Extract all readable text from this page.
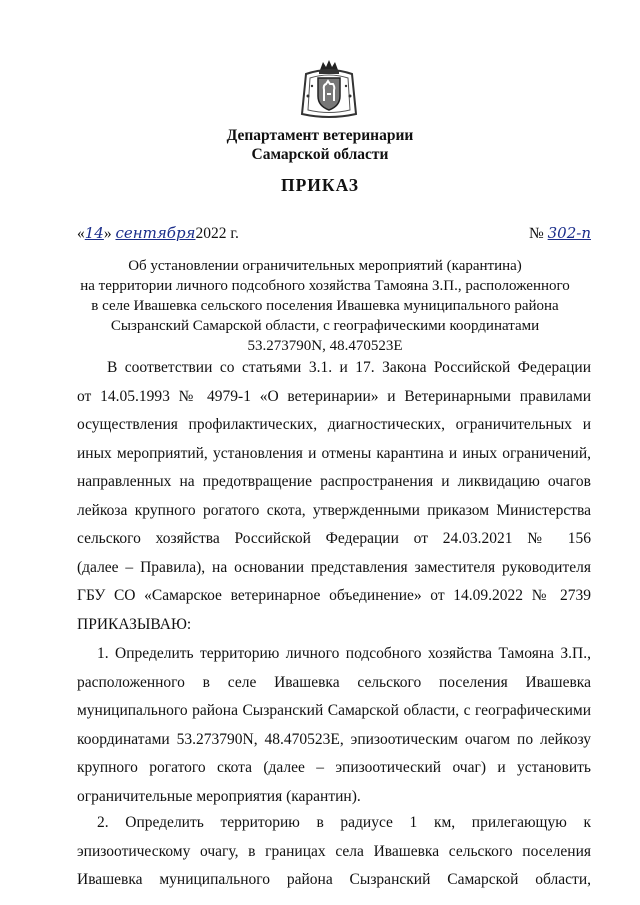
Департамент ветеринарии
Самарской области
ПРИКАЗ
«14» сентября2022 г.	№ 302-п
Об установлении ограничительных мероприятий (карантина)
на территории личного подсобного хозяйства Тамояна З.П., расположенного
в селе Ивашевка сельского поселения Ивашевка муниципального района
Сызранский Самарской области, с географическими координатами
53.273790N, 48.470523E
В соответствии со статьями 3.1. и 17. Закона Российской Федерации
от 14.05.1993 № 4979-1 «О ветеринарии» и Ветеринарными правилами
осуществления профилактических, диагностических, ограничительных и
иных мероприятий, установления и отмены карантина и иных ограничений,
направленных на предотвращение распространения и ликвидацию очагов
лейкоза крупного рогатого скота, утвержденными приказом Министерства
сельского хозяйства Российской Федерации от 24.03.2021 № 156
(далее – Правила), на основании представления заместителя руководителя
ГБУ СО «Самарское ветеринарное объединение» от 14.09.2022 № 2739
ПРИКАЗЫВАЮ:
1. Определить территорию личного подсобного хозяйства Тамояна З.П.,
расположенного в селе Ивашевка сельского поселения Ивашевка
муниципального района Сызранский Самарской области, с географическими
координатами 53.273790N, 48.470523E, эпизоотическим очагом по лейкозу
крупного рогатого скота (далее – эпизоотический очаг) и установить
ограничительные мероприятия (карантин).
2. Определить территорию в радиусе 1 км, прилегающую к
эпизоотическому очагу, в границах села Ивашевка сельского поселения
Ивашевка муниципального района Сызранский Самарской области,
